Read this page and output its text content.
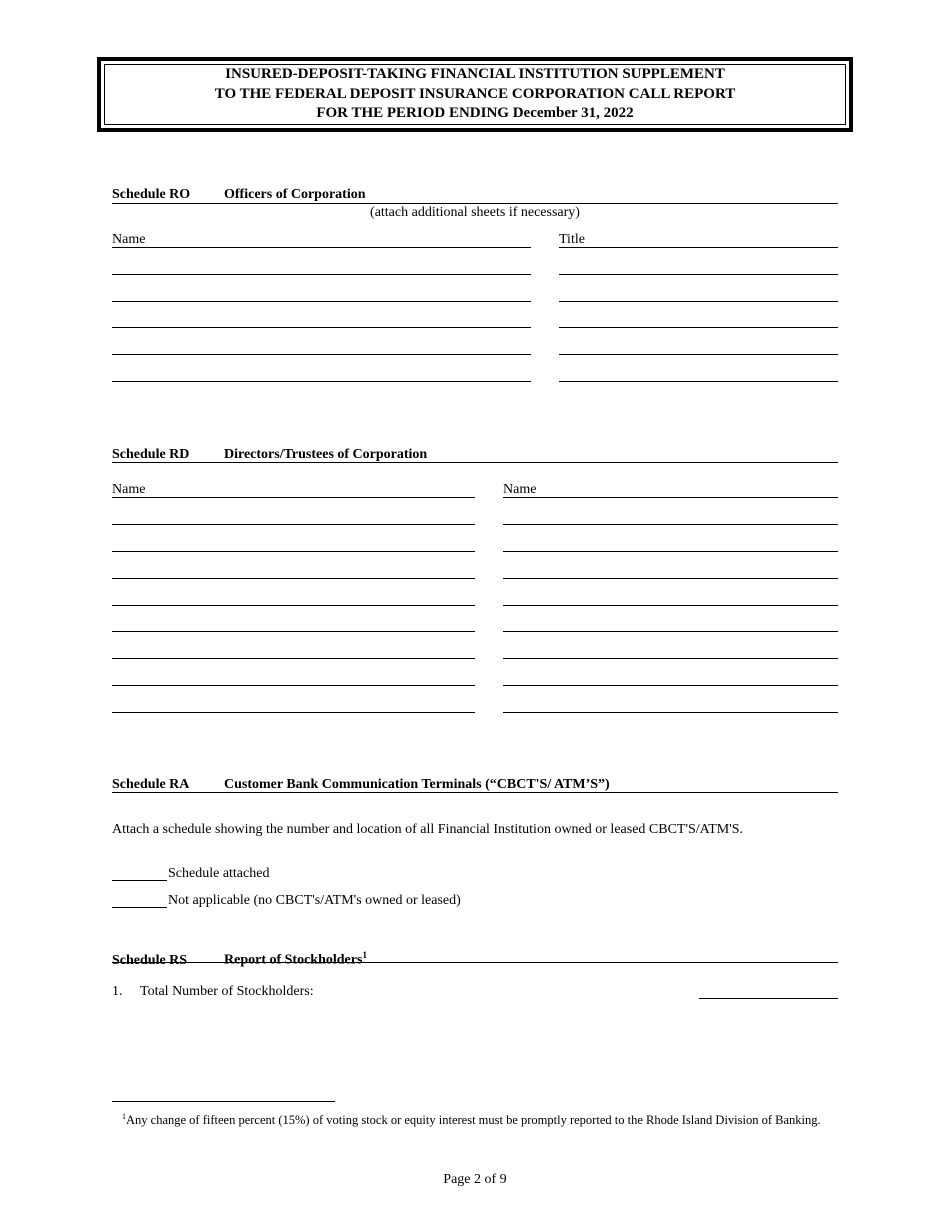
INSURED-DEPOSIT-TAKING FINANCIAL INSTITUTION SUPPLEMENT
TO THE FEDERAL DEPOSIT INSURANCE CORPORATION CALL REPORT
FOR THE PERIOD ENDING December 31, 2022
Schedule RO Officers of Corporation
(attach additional sheets if necessary)
Name	Title
Schedule RD Directors/Trustees of Corporation
Name	Name
Schedule RA Customer Bank Communication Terminals (“CBCT'S/ ATM’S”)
Attach a schedule showing the number and location of all Financial Institution owned or leased CBCT'S/ATM'S.
Schedule attached
Not applicable (no CBCT's/ATM's owned or leased)
Schedule RS	Report of Stockholders$^1$
1. Total Number of Stockholders:
$^1$Any change of fifteen percent (15%) of voting stock or equity interest must be promptly reported to the Rhode Island Division of Banking.
Page 2 of 9
